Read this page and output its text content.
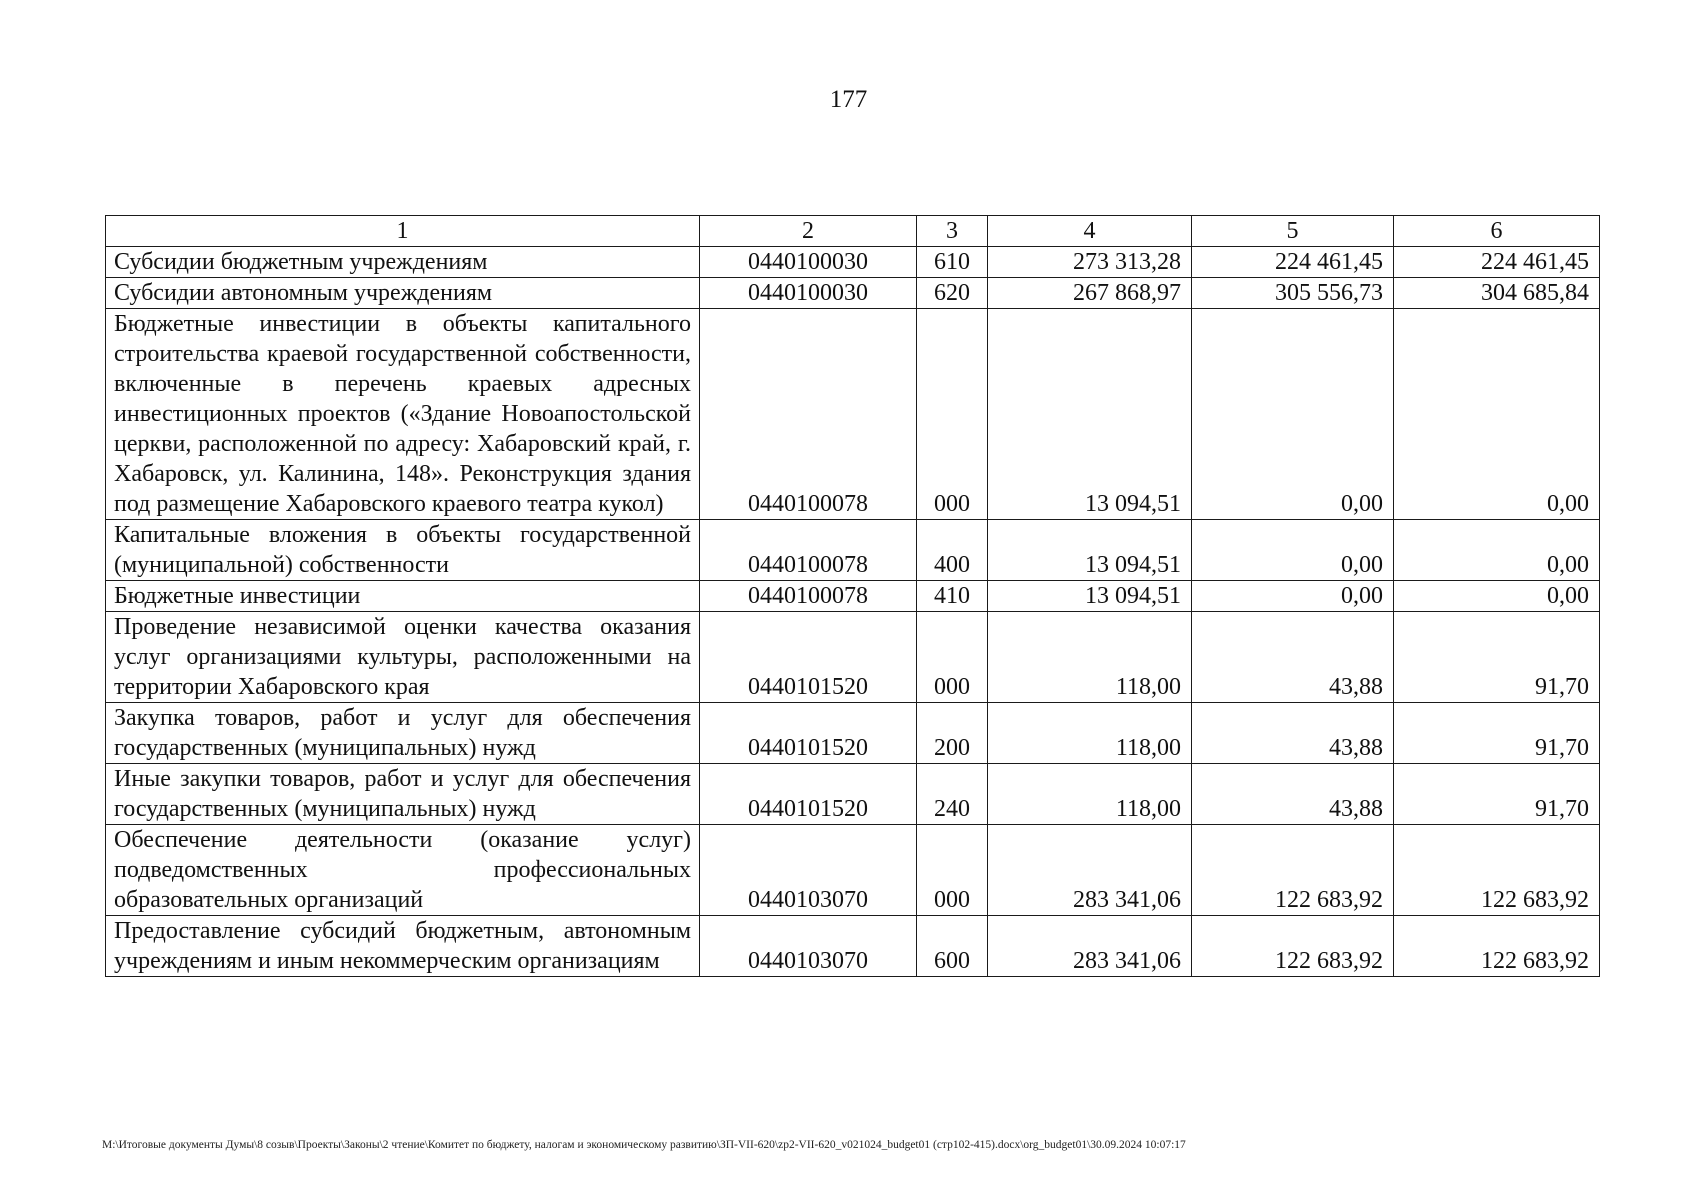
177
1	2	3	4	5	6
Субсидии бюджетным учреждениям	0440100030	610	273 313,28	224 461,45	224 461,45
Субсидии автономным учреждениям	0440100030	620	267 868,97	305 556,73	304 685,84
Бюджетные инвестиции в объекты капитального строительства краевой государственной собственности, включенные в перечень краевых адресных инвестиционных проектов («Здание Новоапостольской церкви, расположенной по адресу: Хабаровский край, г. Хабаровск, ул. Калинина, 148». Реконструкция здания под размещение Хабаровского краевого театра кукол)	0440100078	000	13 094,51	0,00	0,00
Капитальные вложения в объекты государственной (муниципальной) собственности	0440100078	400	13 094,51	0,00	0,00
Бюджетные инвестиции	0440100078	410	13 094,51	0,00	0,00
Проведение независимой оценки качества оказания услуг организациями культуры, расположенными на территории Хабаровского края	0440101520	000	118,00	43,88	91,70
Закупка товаров, работ и услуг для обеспечения государственных (муниципальных) нужд	0440101520	200	118,00	43,88	91,70
Иные закупки товаров, работ и услуг для обеспечения государственных (муниципальных) нужд	0440101520	240	118,00	43,88	91,70
Обеспечение деятельности (оказание услуг) подведомственных профессиональных образовательных организаций	0440103070	000	283 341,06	122 683,92	122 683,92
Предоставление субсидий бюджетным, автономным учреждениям и иным некоммерческим организациям	0440103070	600	283 341,06	122 683,92	122 683,92
M:\Итоговые документы Думы\8 созыв\Проекты\Законы\2 чтение\Комитет по бюджету, налогам и экономическому развитию\ЗП-VII-620\zp2-VII-620_v021024_budget01 (стр102-415).docx\org_budget01\30.09.2024 10:07:17
